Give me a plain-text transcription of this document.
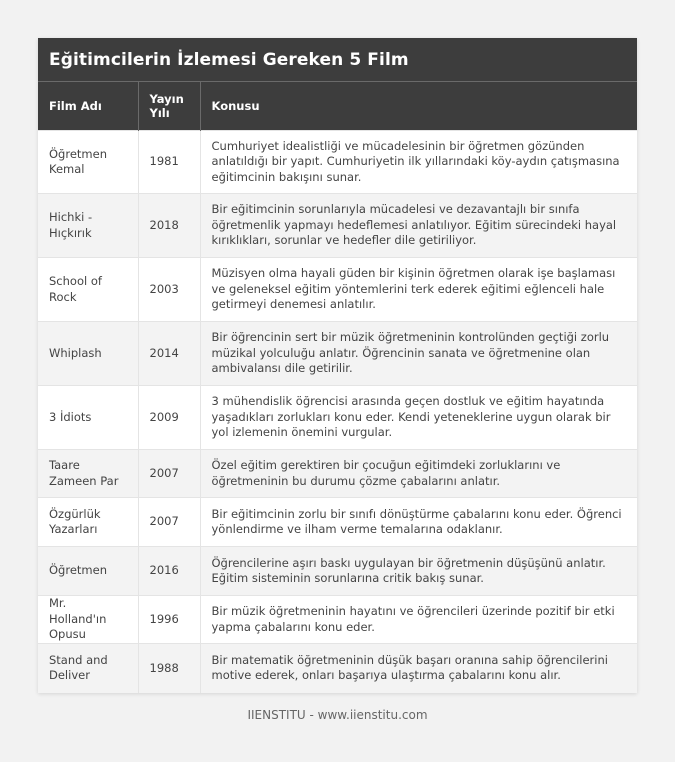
Eğitimcilerin İzlemesi Gereken 5 Film
Film Adı	Yayın Yılı	Konusu
Öğretmen Kemal	1981	Cumhuriyet idealistliği ve mücadelesinin bir öğretmen gözünden anlatıldığı bir yapıt. Cumhuriyetin ilk yıllarındaki köy-aydın çatışmasına eğitimcinin bakışını sunar.
Hichki - Hıçkırık	2018	Bir eğitimcinin sorunlarıyla mücadelesi ve dezavantajlı bir sınıfa öğretmenlik yapmayı hedeflemesi anlatılıyor. Eğitim sürecindeki hayal kırıklıkları, sorunlar ve hedefler dile getiriliyor.
School of Rock	2003	Müzisyen olma hayali güden bir kişinin öğretmen olarak işe başlaması ve geleneksel eğitim yöntemlerini terk ederek eğitimi eğlenceli hale getirmeyi denemesi anlatılır.
Whiplash	2014	Bir öğrencinin sert bir müzik öğretmeninin kontrolünden geçtiği zorlu müzikal yolculuğu anlatır. Öğrencinin sanata ve öğretmenine olan ambivalansı dile getirilir.
3 İdiots	2009	3 mühendislik öğrencisi arasında geçen dostluk ve eğitim hayatında yaşadıkları zorlukları konu eder. Kendi yeteneklerine uygun olarak bir yol izlemenin önemini vurgular.
Taare Zameen Par	2007	Özel eğitim gerektiren bir çocuğun eğitimdeki zorluklarını ve öğretmeninin bu durumu çözme çabalarını anlatır.
Özgürlük Yazarları	2007	Bir eğitimcinin zorlu bir sınıfı dönüştürme çabalarını konu eder. Öğrenci yönlendirme ve ilham verme temalarına odaklanır.
Öğretmen	2016	Öğrencilerine aşırı baskı uygulayan bir öğretmenin düşüşünü anlatır. Eğitim sisteminin sorunlarına critik bakış sunar.
Mr. Holland'ın Opusu	1996	Bir müzik öğretmeninin hayatını ve öğrencileri üzerinde pozitif bir etki yapma çabalarını konu eder.
Stand and Deliver	1988	Bir matematik öğretmeninin düşük başarı oranına sahip öğrencilerini motive ederek, onları başarıya ulaştırma çabalarını konu alır.
IIENSTITU - www.iienstitu.com
